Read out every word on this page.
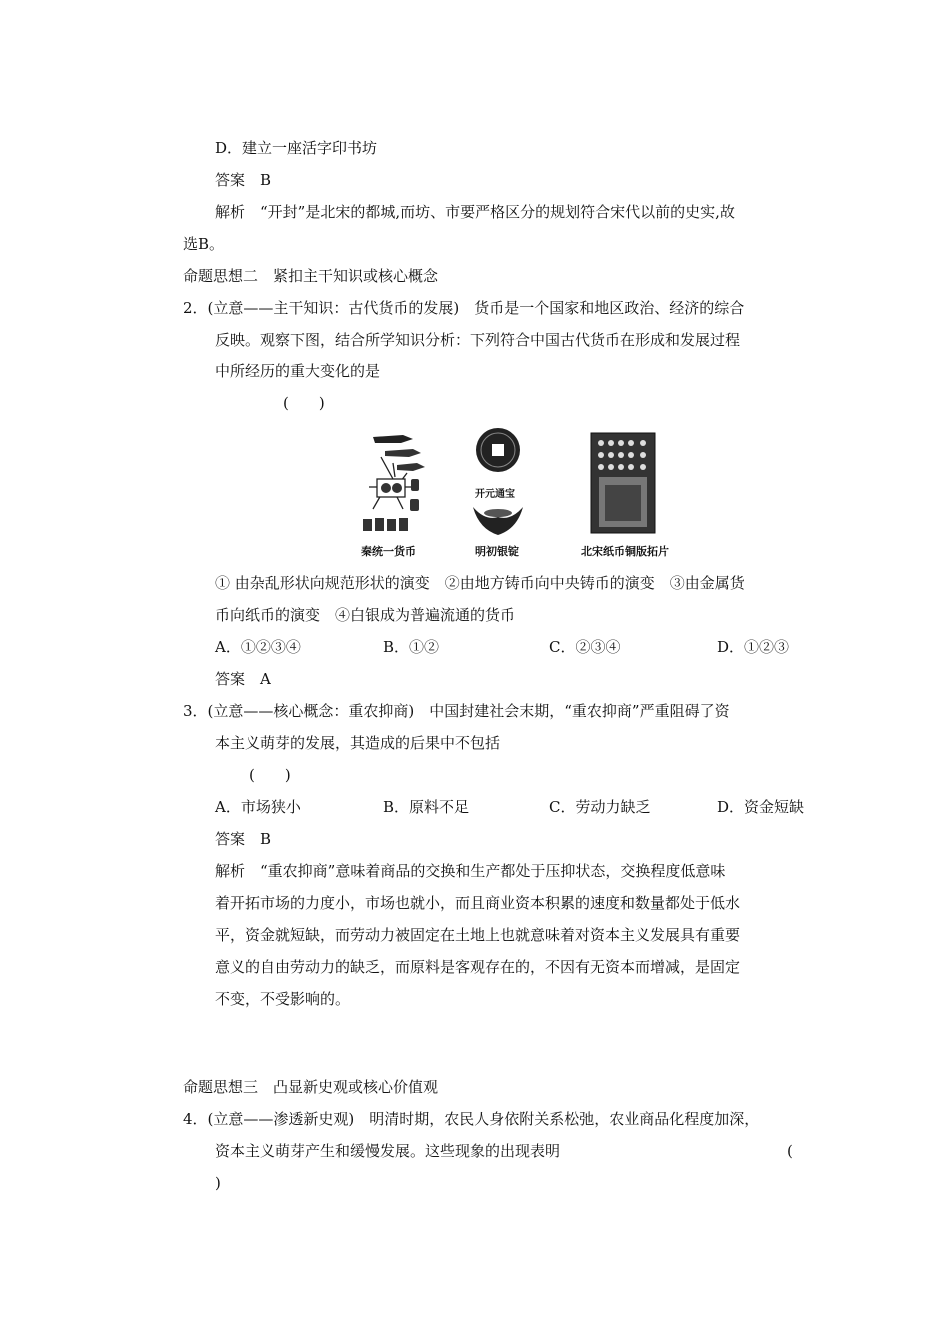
D．建立一座活字印书坊
答案　B
解析　“开封”是北宋的都城,而坊、市要严格区分的规划符合宋代以前的史实,故
选B。
命题思想二　紧扣主干知识或核心概念
2．(立意——主干知识：古代货币的发展)　货币是一个国家和地区政治、经济的综合
反映。观察下图，结合所学知识分析：下列符合中国古代货币在形成和发展过程
中所经历的重大变化的是
(　　)
秦统一货币
开元通宝
明初银锭	北宋纸币铜版拓片
① 由杂乱形状向规范形状的演变　②由地方铸币向中央铸币的演变　③由金属货
币向纸币的演变　④白银成为普遍流通的货币
A．①②③④	B．①②	C．②③④	D．①②③
答案　A
3．(立意——核心概念：重农抑商)　中国封建社会末期，“重农抑商”严重阻碍了资
本主义萌芽的发展，其造成的后果中不包括
(　　)
A．市场狭小	B．原料不足	C．劳动力缺乏	D．资金短缺
答案　B
解析　“重农抑商”意味着商品的交换和生产都处于压抑状态，交换程度低意味
着开拓市场的力度小，市场也就小，而且商业资本积累的速度和数量都处于低水
平，资金就短缺，而劳动力被固定在土地上也就意味着对资本主义发展具有重要
意义的自由劳动力的缺乏，而原料是客观存在的，不因有无资本而增减，是固定
不变，不受影响的。
命题思想三　凸显新史观或核心价值观
4．(立意——渗透新史观)　明清时期，农民人身依附关系松弛，农业商品化程度加深，
资本主义萌芽产生和缓慢发展。这些现象的出现表明	(
)
